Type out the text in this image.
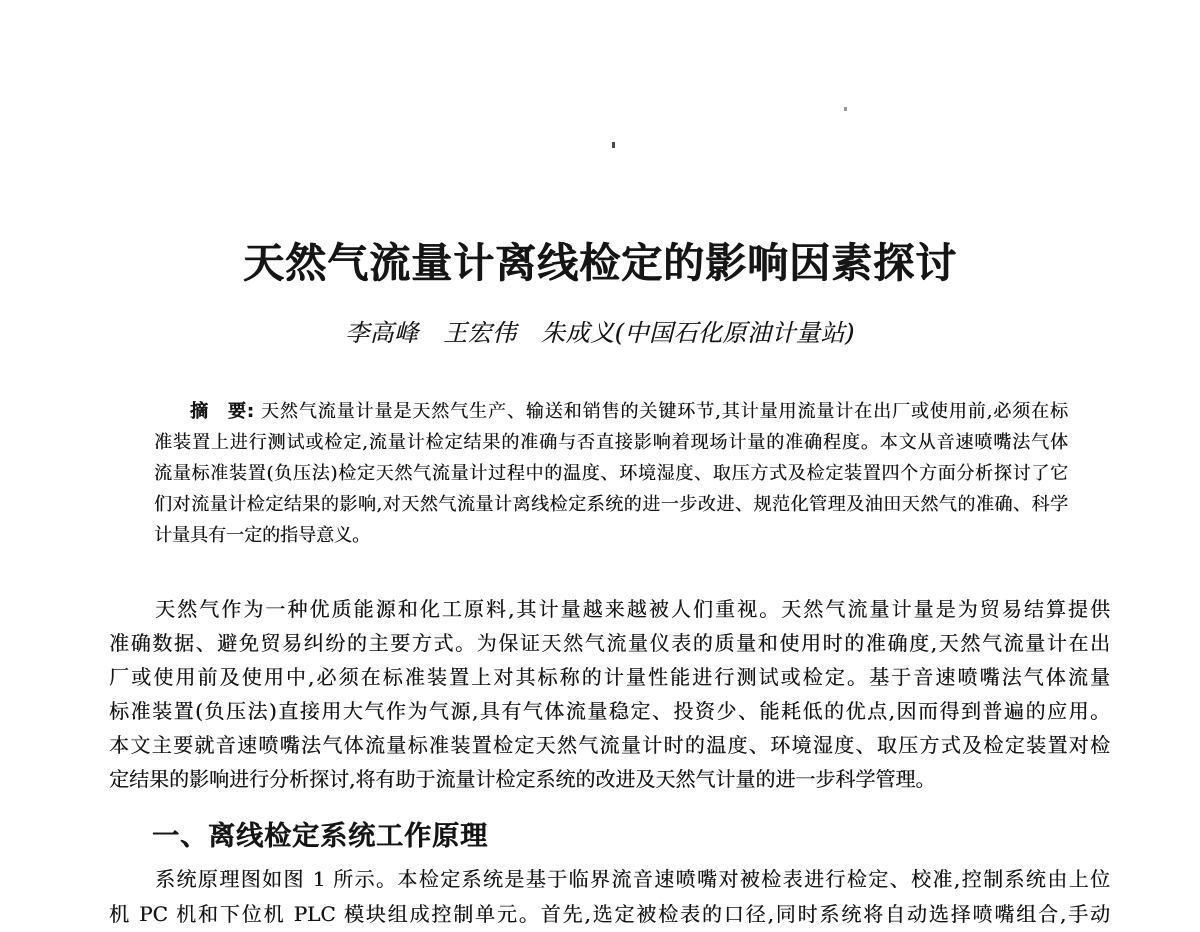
天然气流量计离线检定的影响因素探讨
李高峰　王宏伟　朱成义(中国石化原油计量站)
摘　要: 天然气流量计量是天然气生产、输送和销售的关键环节,其计量用流量计在出厂或使用前,必须在标
准装置上进行测试或检定,流量计检定结果的准确与否直接影响着现场计量的准确程度。本文从音速喷嘴法气体
流量标准装置(负压法)检定天然气流量计过程中的温度、环境湿度、取压方式及检定装置四个方面分析探讨了它
们对流量计检定结果的影响,对天然气流量计离线检定系统的进一步改进、规范化管理及油田天然气的准确、科学
计量具有一定的指导意义。
天然气作为一种优质能源和化工原料,其计量越来越被人们重视。天然气流量计量是为贸易结算提供
准确数据、避免贸易纠纷的主要方式。为保证天然气流量仪表的质量和使用时的准确度,天然气流量计在出
厂或使用前及使用中,必须在标准装置上对其标称的计量性能进行测试或检定。基于音速喷嘴法气体流量
标准装置(负压法)直接用大气作为气源,具有气体流量稳定、投资少、能耗低的优点,因而得到普遍的应用。
本文主要就音速喷嘴法气体流量标准装置检定天然气流量计时的温度、环境湿度、取压方式及检定装置对检
定结果的影响进行分析探讨,将有助于流量计检定系统的改进及天然气计量的进一步科学管理。
一、离线检定系统工作原理
系统原理图如图 1 所示。本检定系统是基于临界流音速喷嘴对被检表进行检定、校准,控制系统由上位
机 PC 机和下位机 PLC 模块组成控制单元。首先,选定被检表的口径,同时系统将自动选择喷嘴组合,手动
